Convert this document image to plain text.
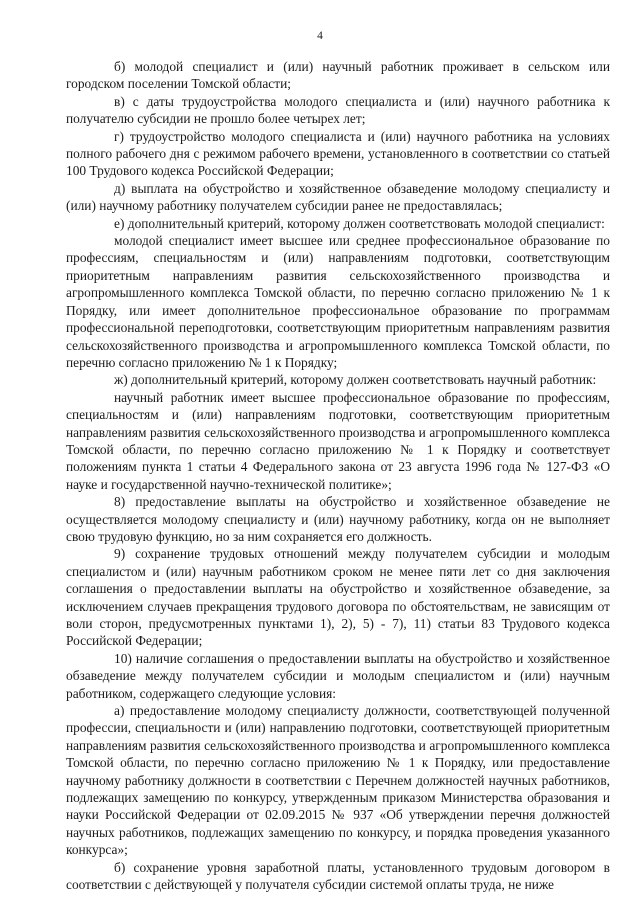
4

б) молодой специалист и (или) научный работник проживает в сельском или городском поселении Томской области;

в) с даты трудоустройства молодого специалиста и (или) научного работника к получателю субсидии не прошло более четырех лет;

г) трудоустройство молодого специалиста и (или) научного работника на условиях полного рабочего дня с режимом рабочего времени, установленного в соответствии со статьей 100 Трудового кодекса Российской Федерации;

д) выплата на обустройство и хозяйственное обзаведение молодому специалисту и (или) научному работнику получателем субсидии ранее не предоставлялась;

е) дополнительный критерий, которому должен соответствовать молодой специалист:

молодой специалист имеет высшее или среднее профессиональное образование по профессиям, специальностям и (или) направлениям подготовки, соответствующим приоритетным направлениям развития сельскохозяйственного производства и агропромышленного комплекса Томской области, по перечню согласно приложению № 1 к Порядку, или имеет дополнительное профессиональное образование по программам профессиональной переподготовки, соответствующим приоритетным направлениям развития сельскохозяйственного производства и агропромышленного комплекса Томской области, по перечню согласно приложению № 1 к Порядку;

ж) дополнительный критерий, которому должен соответствовать научный работник:

научный работник имеет высшее профессиональное образование по профессиям, специальностям и (или) направлениям подготовки, соответствующим приоритетным направлениям развития сельскохозяйственного производства и агропромышленного комплекса Томской области, по перечню согласно приложению № 1 к Порядку и соответствует положениям пункта 1 статьи 4 Федерального закона от 23 августа 1996 года № 127-ФЗ «О науке и государственной научно-технической политике»;

8) предоставление выплаты на обустройство и хозяйственное обзаведение не осуществляется молодому специалисту и (или) научному работнику, когда он не выполняет свою трудовую функцию, но за ним сохраняется его должность.

9) сохранение трудовых отношений между получателем субсидии и молодым специалистом и (или) научным работником сроком не менее пяти лет со дня заключения соглашения о предоставлении выплаты на обустройство и хозяйственное обзаведение, за исключением случаев прекращения трудового договора по обстоятельствам, не зависящим от воли сторон, предусмотренных пунктами 1), 2), 5) - 7), 11) статьи 83 Трудового кодекса Российской Федерации;

10) наличие соглашения о предоставлении выплаты на обустройство и хозяйственное обзаведение между получателем субсидии и молодым специалистом и (или) научным работником, содержащего следующие условия:

а) предоставление молодому специалисту должности, соответствующей полученной профессии, специальности и (или) направлению подготовки, соответствующей приоритетным направлениям развития сельскохозяйственного производства и агропромышленного комплекса Томской области, по перечню согласно приложению № 1 к Порядку, или предоставление научному работнику должности в соответствии с Перечнем должностей научных работников, подлежащих замещению по конкурсу, утвержденным приказом Министерства образования и науки Российской Федерации от 02.09.2015 № 937 «Об утверждении перечня должностей научных работников, подлежащих замещению по конкурсу, и порядка проведения указанного конкурса»;

б) сохранение уровня заработной платы, установленного трудовым договором в соответствии с действующей у получателя субсидии системой оплаты труда, не ниже
